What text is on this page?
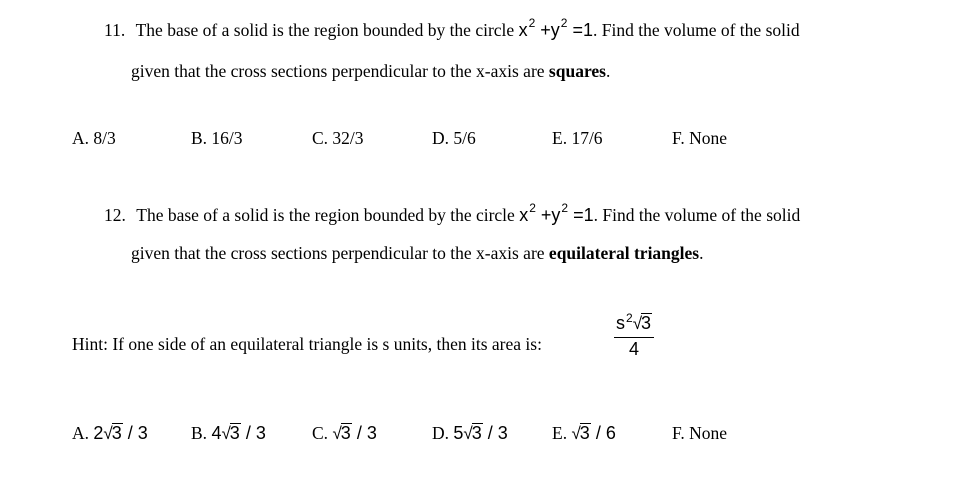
11. The base of a solid is the region bounded by the circle $x^2 +y^2 =1$. Find the volume of the solid
given that the cross sections perpendicular to the x-axis are squares.
A. 8/3	B. 16/3	C. 32/3	D. 5/6	E. 17/6	F. None
12. The base of a solid is the region bounded by the circle $x^2 +y^2 =1$. Find the volume of the solid
given that the cross sections perpendicular to the x-axis are equilateral triangles.
Hint: If one side of an equilateral triangle is s units, then its area is:	$\frac{s^2√3}{4}$
A. 2√3 / 3 B. 4√3 / 3	C. √3 / 3	D. 5√3 / 3	E. √3 / 6	F. None
